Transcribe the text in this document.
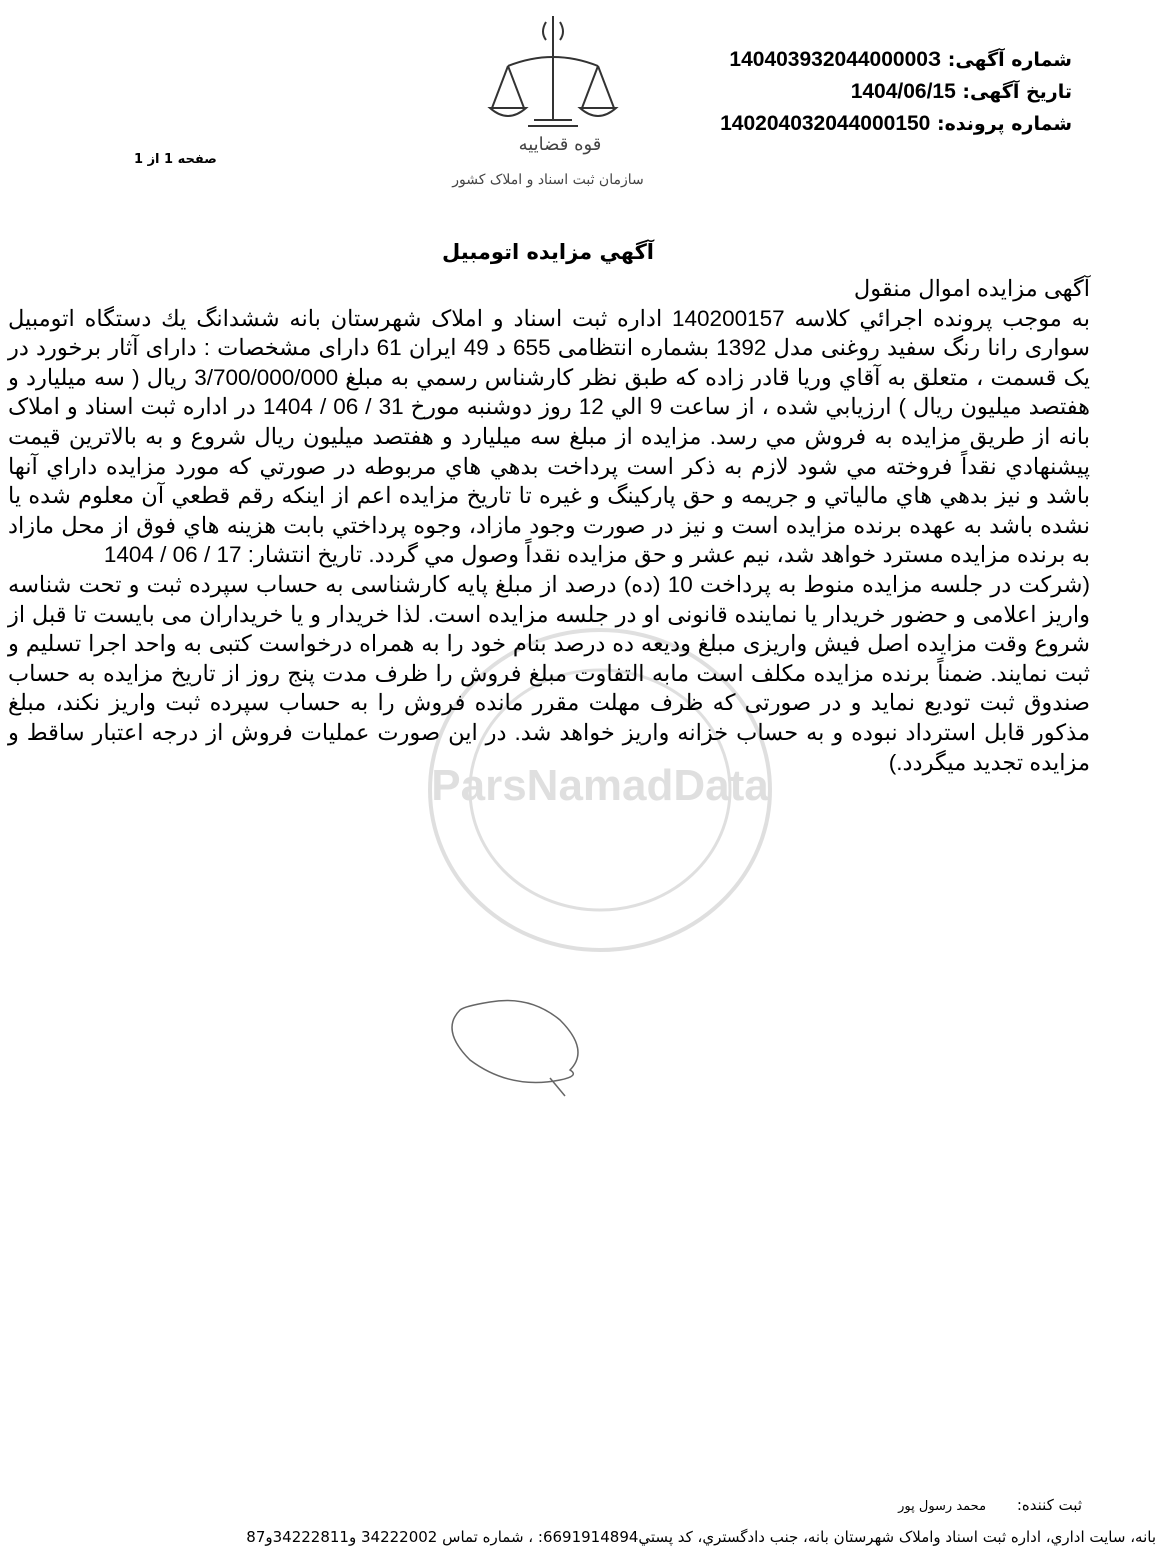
شماره آگهی: 14040393204400000З
تاریخ آگهی: 1404/06/15
شماره پرونده: 140204032044000150
صفحه 1 از 1
قوه قضاییه
سازمان ثبت اسناد و املاک کشور
آگهي مزايده اتومبيل
ParsNamadData

آگهی مزایده اموال منقول

به موجب پرونده اجرائي كلاسه 140200157 اداره ثبت اسناد و املاک شهرستان بانه ششدانگ يك دستگاه اتومبیل سواری رانا رنگ سفيد روغنی مدل 1392 بشماره انتظامی 655 د 49 ایران 61 دارای مشخصات : دارای آثار برخورد در یک قسمت ، متعلق به آقاي وريا قادر زاده که طبق نظر کارشناس رسمي به مبلغ 3/700/000/000 ريال ( سه میلیارد و هفتصد میلیون ريال ) ارزيابي شده ، از ساعت 9 الي 12 روز دوشنبه مورخ 31 / 06 / 1404 در اداره ثبت اسناد و املاک بانه از طريق مزايده به فروش مي رسد. مزايده از مبلغ سه میلیارد و هفتصد میلیون ريال شروع و به بالاترين قيمت پيشنهادي نقداً فروخته مي شود لازم به ذکر است پرداخت بدهي هاي مربوطه در صورتي که مورد مزايده داراي آنها باشد و نيز بدهي هاي مالياتي و جريمه و حق پارکينگ و غيره تا تاريخ مزايده اعم از اينکه رقم قطعي آن معلوم شده يا نشده باشد به عهده برنده مزايده است و نيز در صورت وجود مازاد، وجوه پرداختي بابت هزينه هاي فوق از محل مازاد به برنده مزايده مسترد خواهد شد، نيم عشر و حق مزايده نقداً وصول مي گردد. تاريخ انتشار: 17 / 06 / 1404

(شرکت در جلسه مزایده منوط به پرداخت 10 (ده) درصد از مبلغ پایه کارشناسی به حساب سپرده ثبت و تحت شناسه واریز اعلامی و حضور خریدار یا نماینده قانونی او در جلسه مزایده است. لذا خریدار و یا خریداران می بایست تا قبل از شروع وقت مزایده اصل فیش واریزی مبلغ ودیعه ده درصد بنام خود را به همراه درخواست کتبی به واحد اجرا تسلیم و ثبت نمایند. ضمناً برنده مزایده مکلف است مابه التفاوت مبلغ فروش را ظرف مدت پنج روز از تاریخ مزایده به حساب صندوق ثبت تودیع نماید و در صورتی که ظرف مهلت مقرر مانده فروش را به حساب سپرده ثبت واریز نکند، مبلغ مذکور قابل استرداد نبوده و به حساب خزانه واریز خواهد شد. در این صورت عملیات فروش از درجه اعتبار ساقط و مزایده تجدید میگردد.)

ثبت کننده: محمد رسول پور
بانه، سايت اداري، اداره ثبت اسناد واملاک شهرستان بانه، جنب دادگستري، کد پستي6691914894: ، شماره تماس 34222002 و34222811و87
